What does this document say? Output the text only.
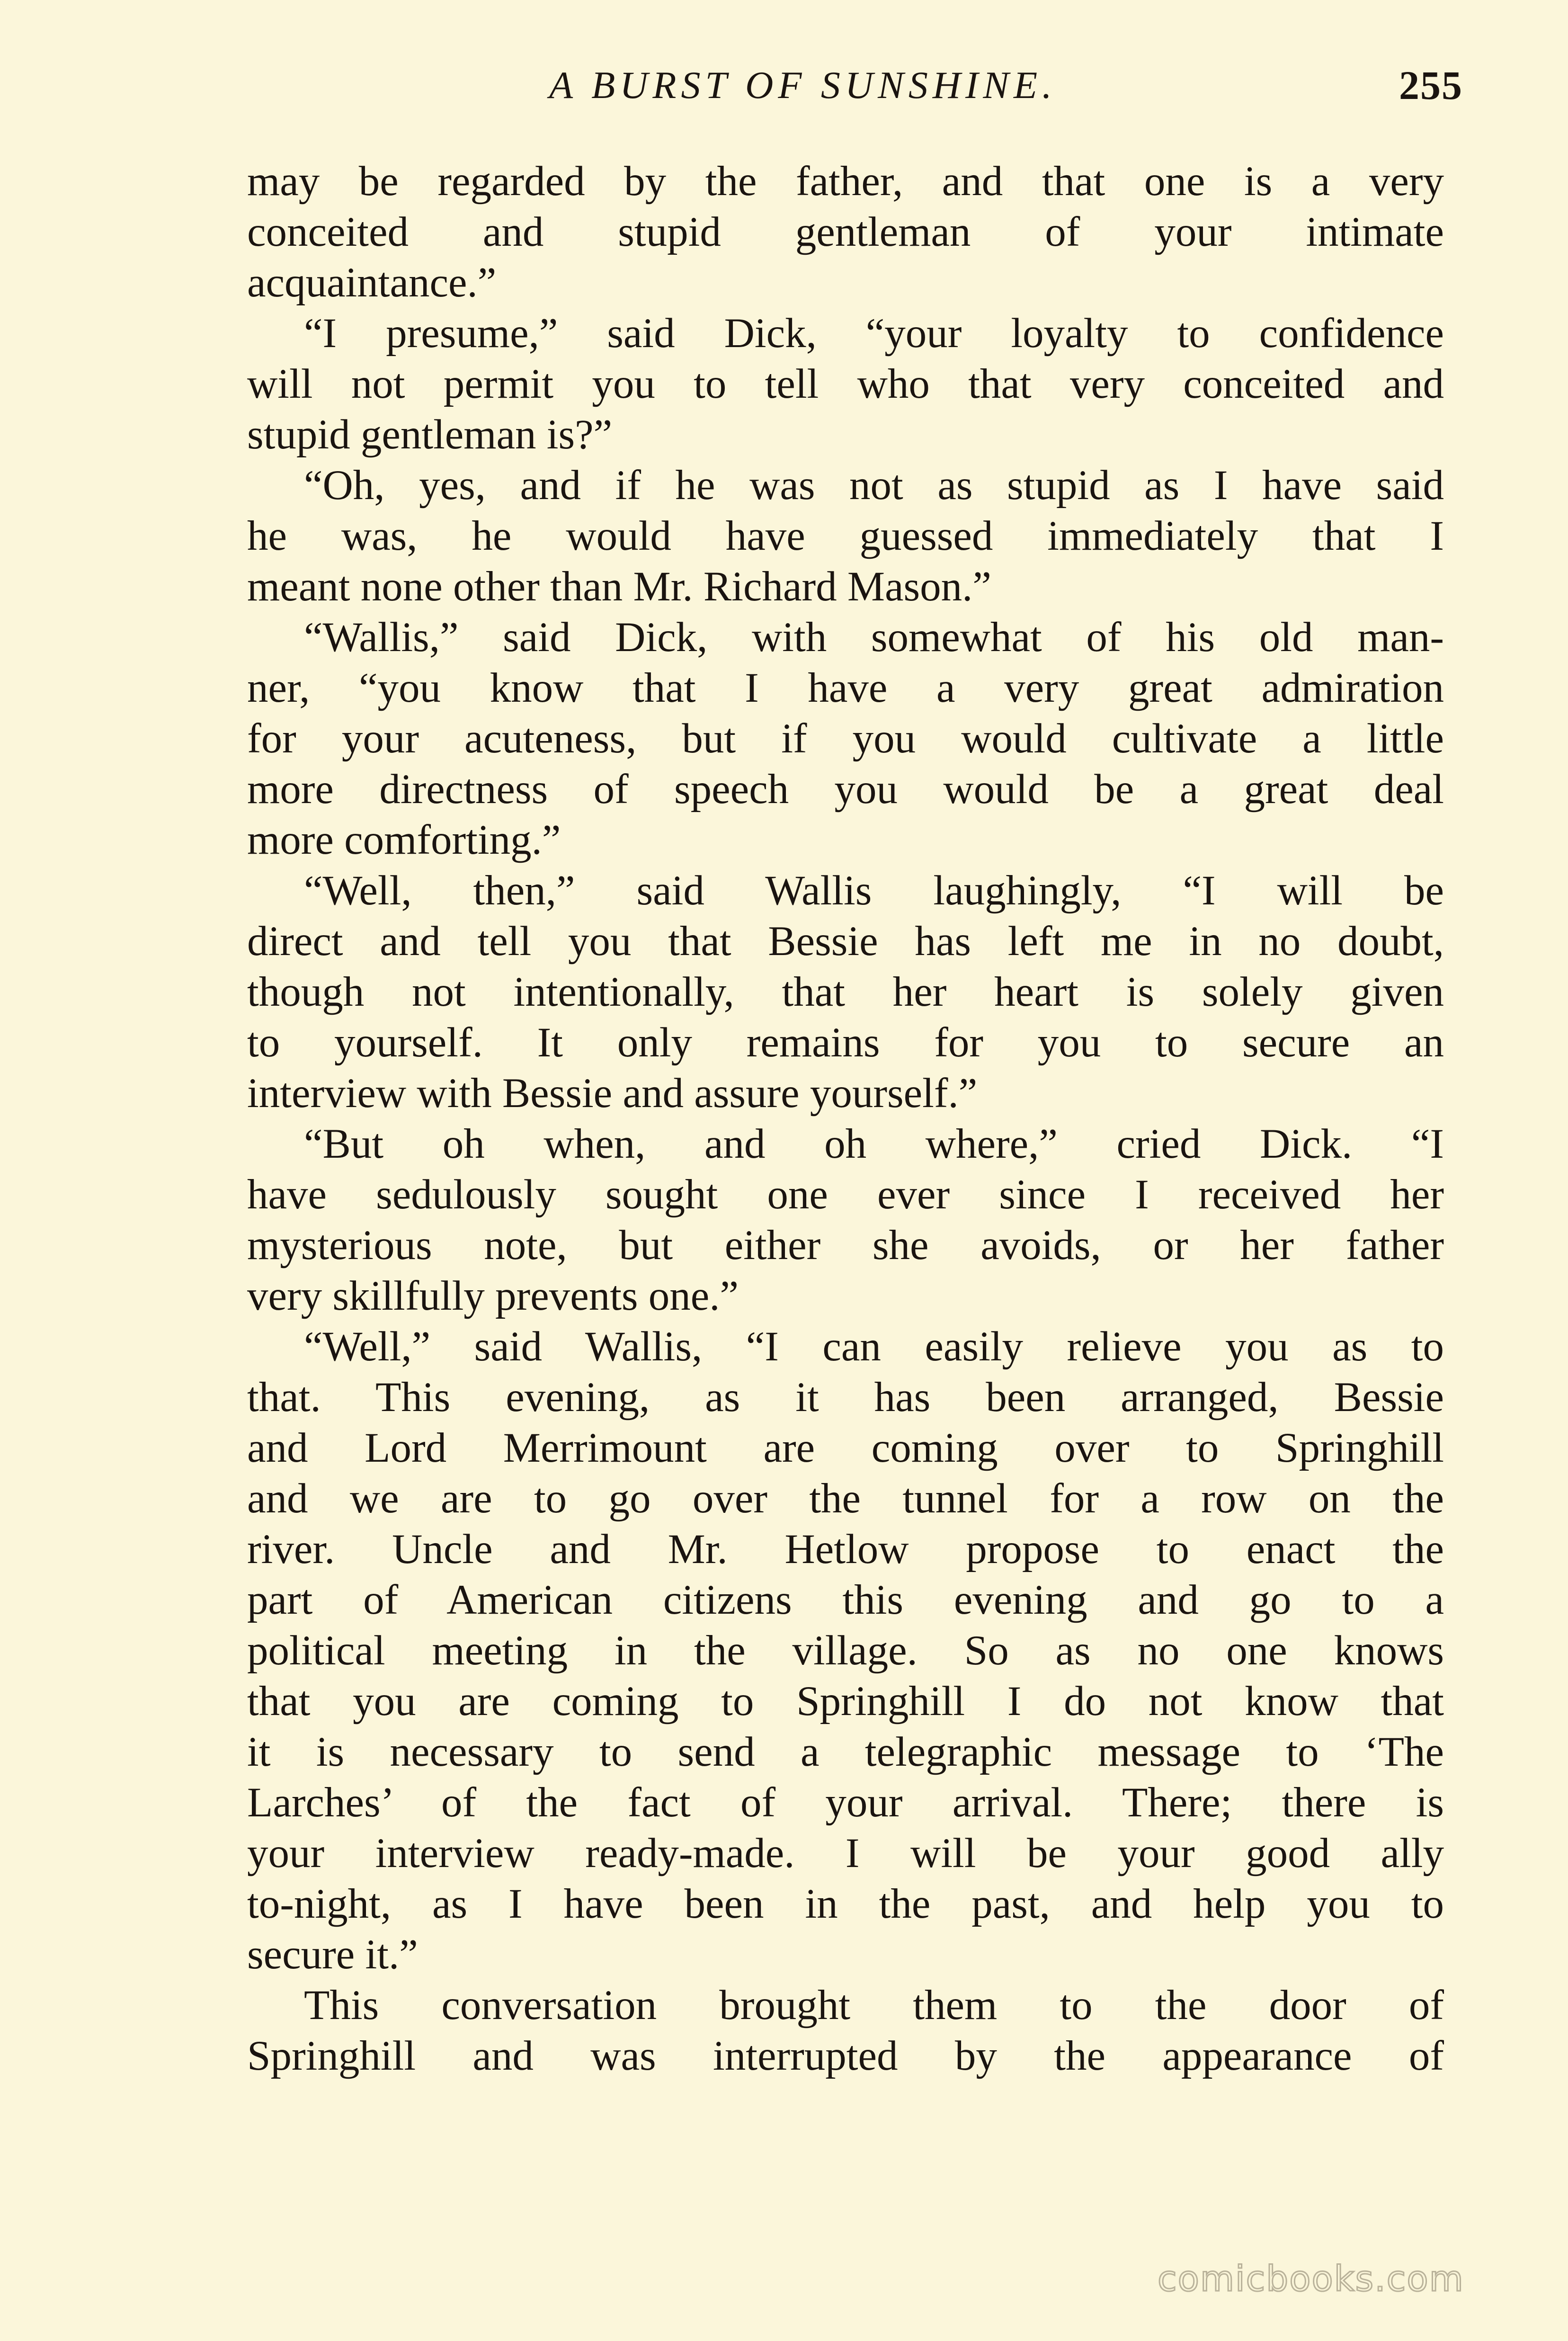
A BURST OF SUNSHINE.	255
may be regarded by the father, and that one is a very
conceited and stupid gentleman of your intimate
acquaintance.”
“I presume,” said Dick, “your loyalty to confidence
will not permit you to tell who that very conceited and
stupid gentleman is?”
“Oh, yes, and if he was not as stupid as I have said
he was, he would have guessed immediately that I
meant none other than Mr. Richard Mason.”
“Wallis,” said Dick, with somewhat of his old man-
ner, “you know that I have a very great admiration
for your acuteness, but if you would cultivate a little
more directness of speech you would be a great deal
more comforting.”
“Well, then,” said Wallis laughingly, “I will be
direct and tell you that Bessie has left me in no doubt,
though not intentionally, that her heart is solely given
to yourself. It only remains for you to secure an
interview with Bessie and assure yourself.”
“But oh when, and oh where,” cried Dick. “I
have sedulously sought one ever since I received her
mysterious note, but either she avoids, or her father
very skillfully prevents one.”
“Well,” said Wallis, “I can easily relieve you as to
that. This evening, as it has been arranged, Bessie
and Lord Merrimount are coming over to Springhill
and we are to go over the tunnel for a row on the
river. Uncle and Mr. Hetlow propose to enact the
part of American citizens this evening and go to a
political meeting in the village. So as no one knows
that you are coming to Springhill I do not know that
it is necessary to send a telegraphic message to ‘The
Larches’ of the fact of your arrival. There; there is
your interview ready-made. I will be your good ally
to-night, as I have been in the past, and help you to
secure it.”
This conversation brought them to the door of
Springhill and was interrupted by the appearance of
comicbooks.com
